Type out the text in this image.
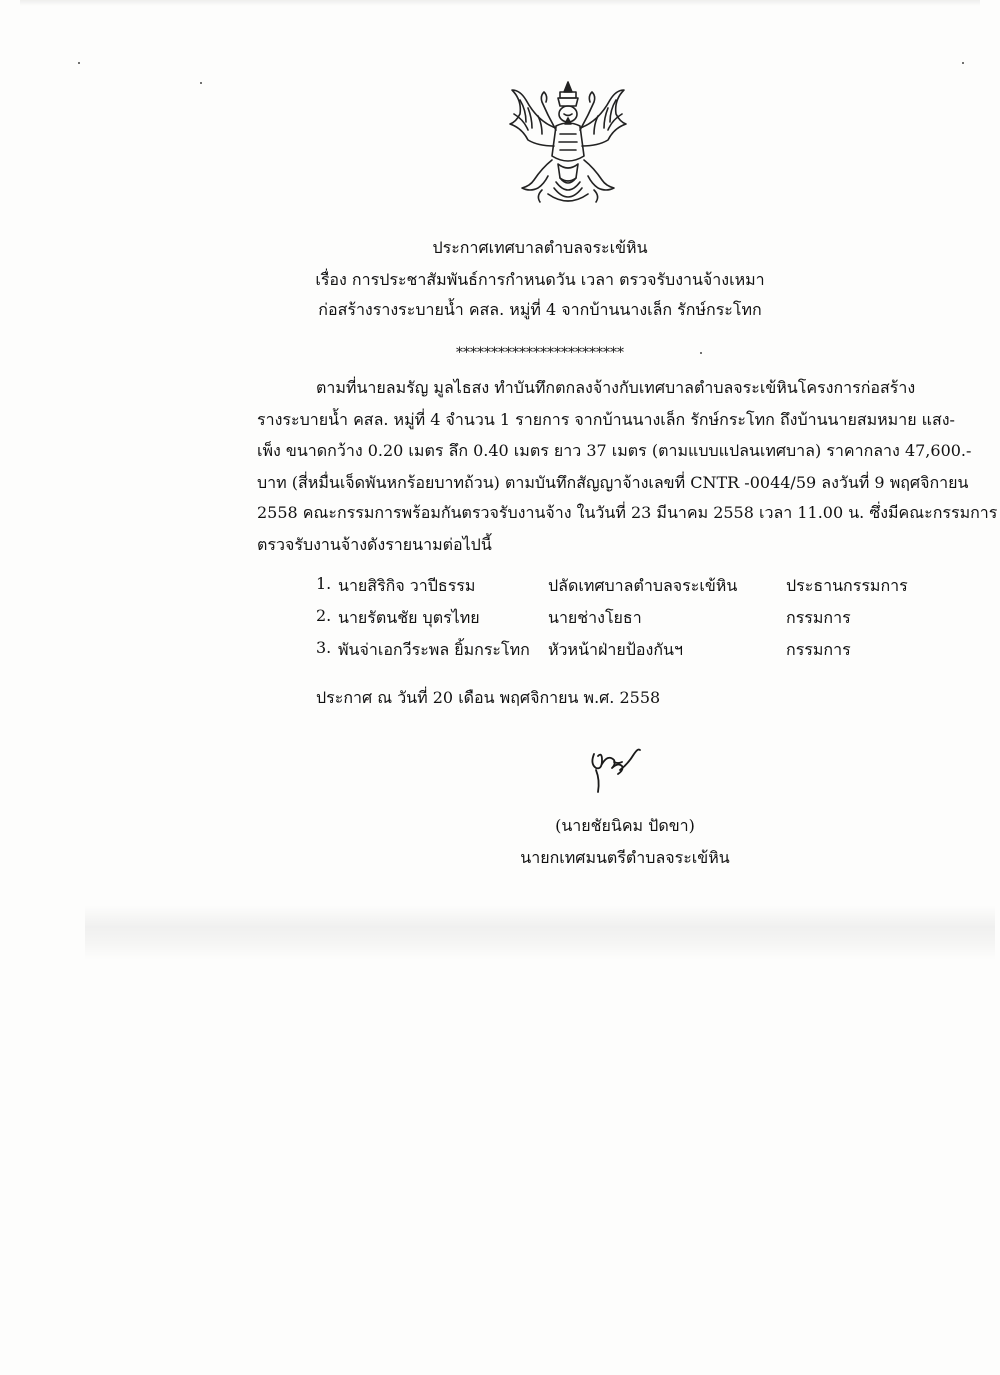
ประกาศเทศบาลตำบลจระเข้หิน
เรื่อง การประชาสัมพันธ์การกำหนดวัน เวลา ตรวจรับงานจ้างเหมา
ก่อสร้างรางระบายน้ำ คสล. หมู่ที่ 4 จากบ้านนางเล็ก รักษ์กระโทก
************************
ตามที่นายลมรัญ มูลไธสง ทำบันทึกตกลงจ้างกับเทศบาลตำบลจระเข้หินโครงการก่อสร้าง
รางระบายน้ำ คสล. หมู่ที่ 4 จำนวน 1 รายการ จากบ้านนางเล็ก รักษ์กระโทก ถึงบ้านนายสมหมาย แสง-
เพ็ง ขนาดกว้าง 0.20 เมตร ลึก 0.40 เมตร ยาว 37 เมตร (ตามแบบแปลนเทศบาล) ราคากลาง 47,600.-
บาท (สี่หมื่นเจ็ดพันหกร้อยบาทถ้วน) ตามบันทึกสัญญาจ้างเลขที่ CNTR -0044/59 ลงวันที่ 9 พฤศจิกายน
2558 คณะกรรมการพร้อมกันตรวจรับงานจ้าง ในวันที่ 23 มีนาคม 2558 เวลา 11.00 น. ซึ่งมีคณะกรรมการ
ตรวจรับงานจ้างดังรายนามต่อไปนี้
1. นายสิริกิจ วาปีธรรม	ปลัดเทศบาลตำบลจระเข้หิน	ประธานกรรมการ
2. นายรัตนชัย บุตรไทย	นายช่างโยธา	กรรมการ
3. พันจ่าเอกวีระพล ยิ้มกระโทก หัวหน้าฝ่ายป้องกันฯ	กรรมการ
ประกาศ ณ วันที่ 20 เดือน พฤศจิกายน พ.ศ. 2558
(นายชัยนิคม ปัดขา)
นายกเทศมนตรีตำบลจระเข้หิน
